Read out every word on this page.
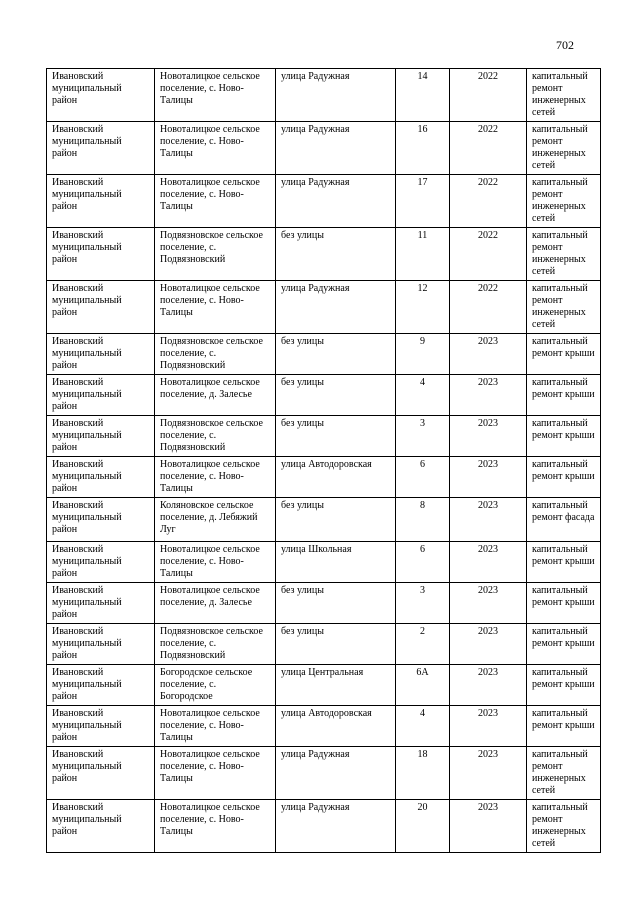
702
Ивановский муниципальный район	Новоталицкое сельское поселение, с. Ново-Талицы	улица Радужная	14	2022	капитальный ремонт инженерных сетей
Ивановский муниципальный район	Новоталицкое сельское поселение, с. Ново-Талицы	улица Радужная	16	2022	капитальный ремонт инженерных сетей
Ивановский муниципальный район	Новоталицкое сельское поселение, с. Ново-Талицы	улица Радужная	17	2022	капитальный ремонт инженерных сетей
Ивановский муниципальный район	Подвязновское сельское поселение, с. Подвязновский	без улицы	11	2022	капитальный ремонт инженерных сетей
Ивановский муниципальный район	Новоталицкое сельское поселение, с. Ново-Талицы	улица Радужная	12	2022	капитальный ремонт инженерных сетей
Ивановский муниципальный район	Подвязновское сельское поселение, с. Подвязновский	без улицы	9	2023	капитальный ремонт крыши
Ивановский муниципальный район	Новоталицкое сельское поселение, д. Залесье	без улицы	4	2023	капитальный ремонт крыши
Ивановский муниципальный район	Подвязновское сельское поселение, с. Подвязновский	без улицы	3	2023	капитальный ремонт крыши
Ивановский муниципальный район	Новоталицкое сельское поселение, с. Ново-Талицы	улица Автодоровская	6	2023	капитальный ремонт крыши
Ивановский муниципальный район	Коляновское сельское поселение, д. Лебяжий Луг	без улицы	8	2023	капитальный ремонт фасада
Ивановский муниципальный район	Новоталицкое сельское поселение, с. Ново-Талицы	улица Школьная	6	2023	капитальный ремонт крыши
Ивановский муниципальный район	Новоталицкое сельское поселение, д. Залесье	без улицы	3	2023	капитальный ремонт крыши
Ивановский муниципальный район	Подвязновское сельское поселение, с. Подвязновский	без улицы	2	2023	капитальный ремонт крыши
Ивановский муниципальный район	Богородское сельское поселение, с. Богородское	улица Центральная	6А	2023	капитальный ремонт крыши
Ивановский муниципальный район	Новоталицкое сельское поселение, с. Ново-Талицы	улица Автодоровская	4	2023	капитальный ремонт крыши
Ивановский муниципальный район	Новоталицкое сельское поселение, с. Ново-Талицы	улица Радужная	18	2023	капитальный ремонт инженерных сетей
Ивановский муниципальный район	Новоталицкое сельское поселение, с. Ново-Талицы	улица Радужная	20	2023	капитальный ремонт инженерных сетей
